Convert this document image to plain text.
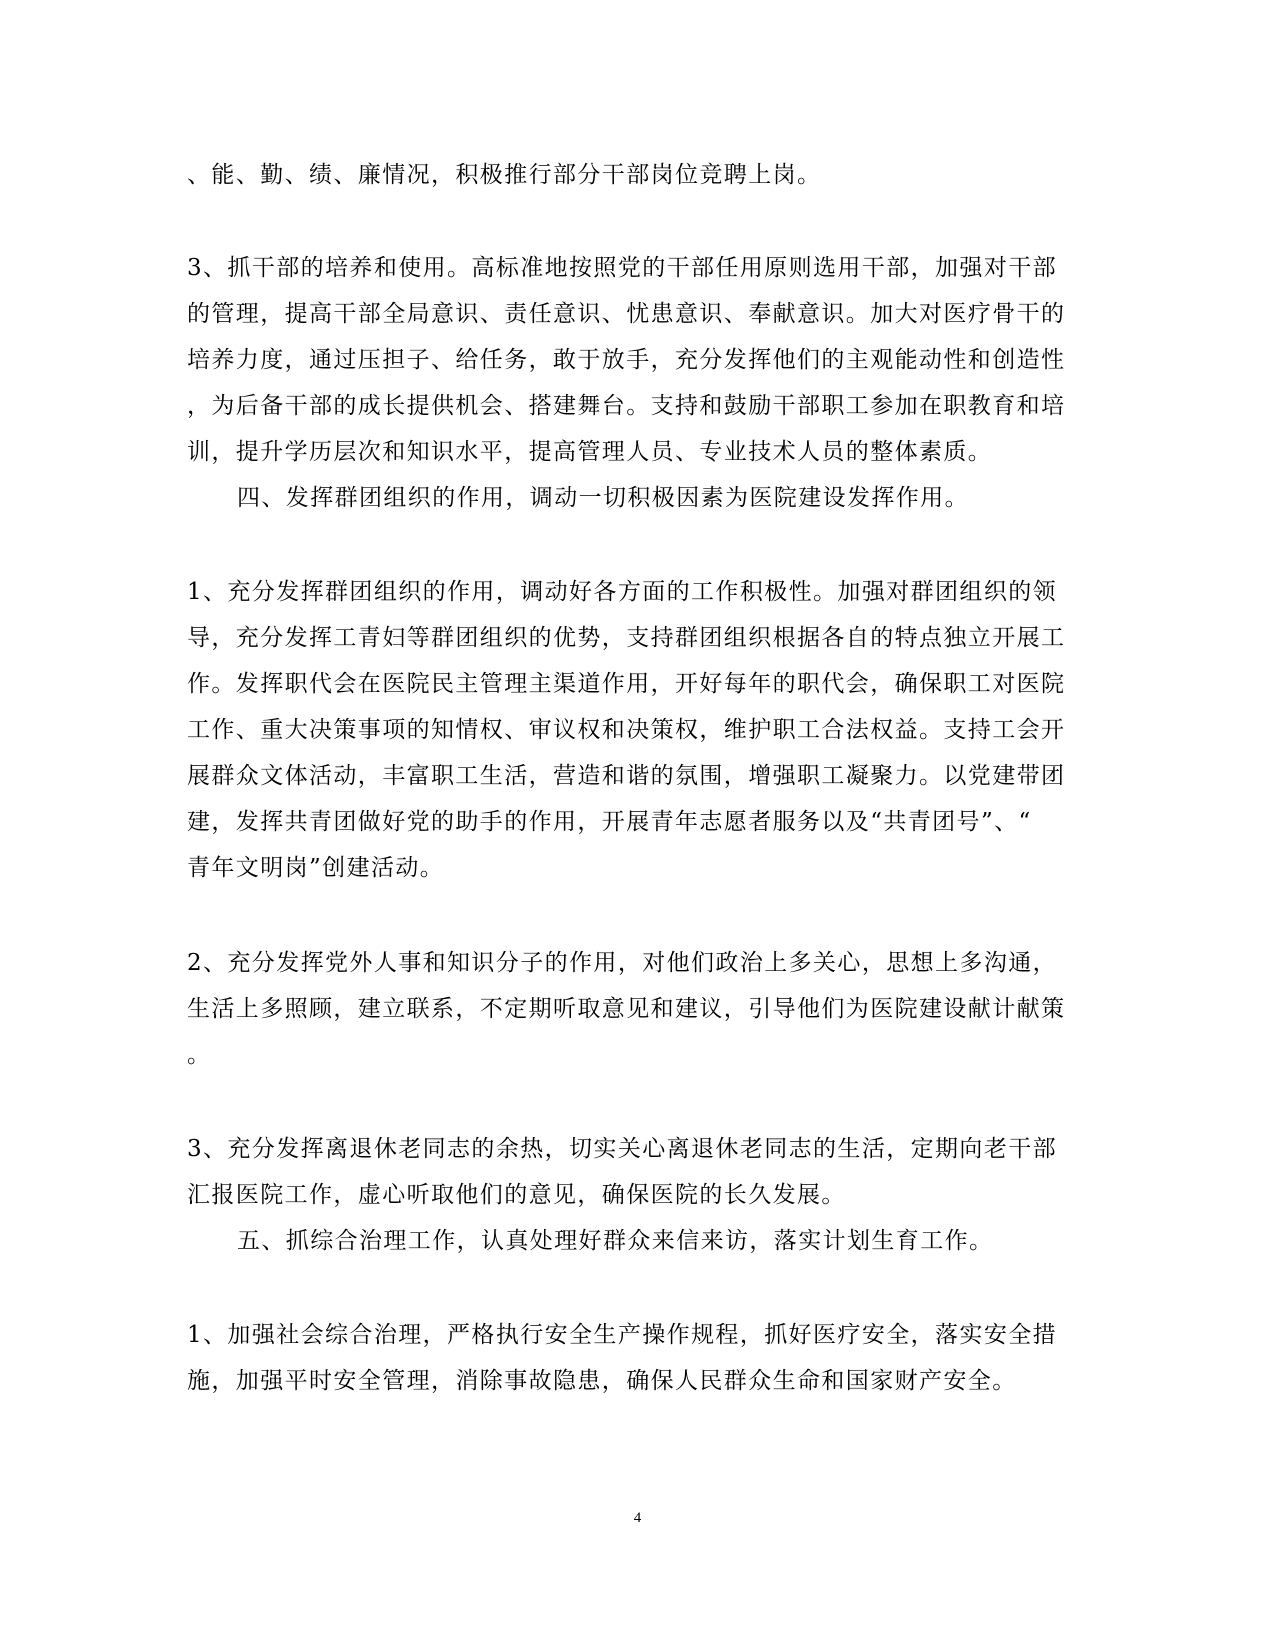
、能、勤、绩、廉情况，积极推行部分干部岗位竞聘上岗。
3、抓干部的培养和使用。高标准地按照党的干部任用原则选用干部，加强对干部
的管理，提高干部全局意识、责任意识、忧患意识、奉献意识。加大对医疗骨干的
培养力度，通过压担子、给任务，敢于放手，充分发挥他们的主观能动性和创造性
，为后备干部的成长提供机会、搭建舞台。支持和鼓励干部职工参加在职教育和培
训，提升学历层次和知识水平，提高管理人员、专业技术人员的整体素质。
四、发挥群团组织的作用，调动一切积极因素为医院建设发挥作用。
1、充分发挥群团组织的作用，调动好各方面的工作积极性。加强对群团组织的领
导，充分发挥工青妇等群团组织的优势，支持群团组织根据各自的特点独立开展工
作。发挥职代会在医院民主管理主渠道作用，开好每年的职代会，确保职工对医院
工作、重大决策事项的知情权、审议权和决策权，维护职工合法权益。支持工会开
展群众文体活动，丰富职工生活，营造和谐的氛围，增强职工凝聚力。以党建带团
建，发挥共青团做好党的助手的作用，开展青年志愿者服务以及“共青团号”、“
青年文明岗”创建活动。
2、充分发挥党外人事和知识分子的作用，对他们政治上多关心，思想上多沟通，
生活上多照顾，建立联系，不定期听取意见和建议，引导他们为医院建设献计献策
。
3、充分发挥离退休老同志的余热，切实关心离退休老同志的生活，定期向老干部
汇报医院工作，虚心听取他们的意见，确保医院的长久发展。
五、抓综合治理工作，认真处理好群众来信来访，落实计划生育工作。
1、加强社会综合治理，严格执行安全生产操作规程，抓好医疗安全，落实安全措
施，加强平时安全管理，消除事故隐患，确保人民群众生命和国家财产安全。
4
